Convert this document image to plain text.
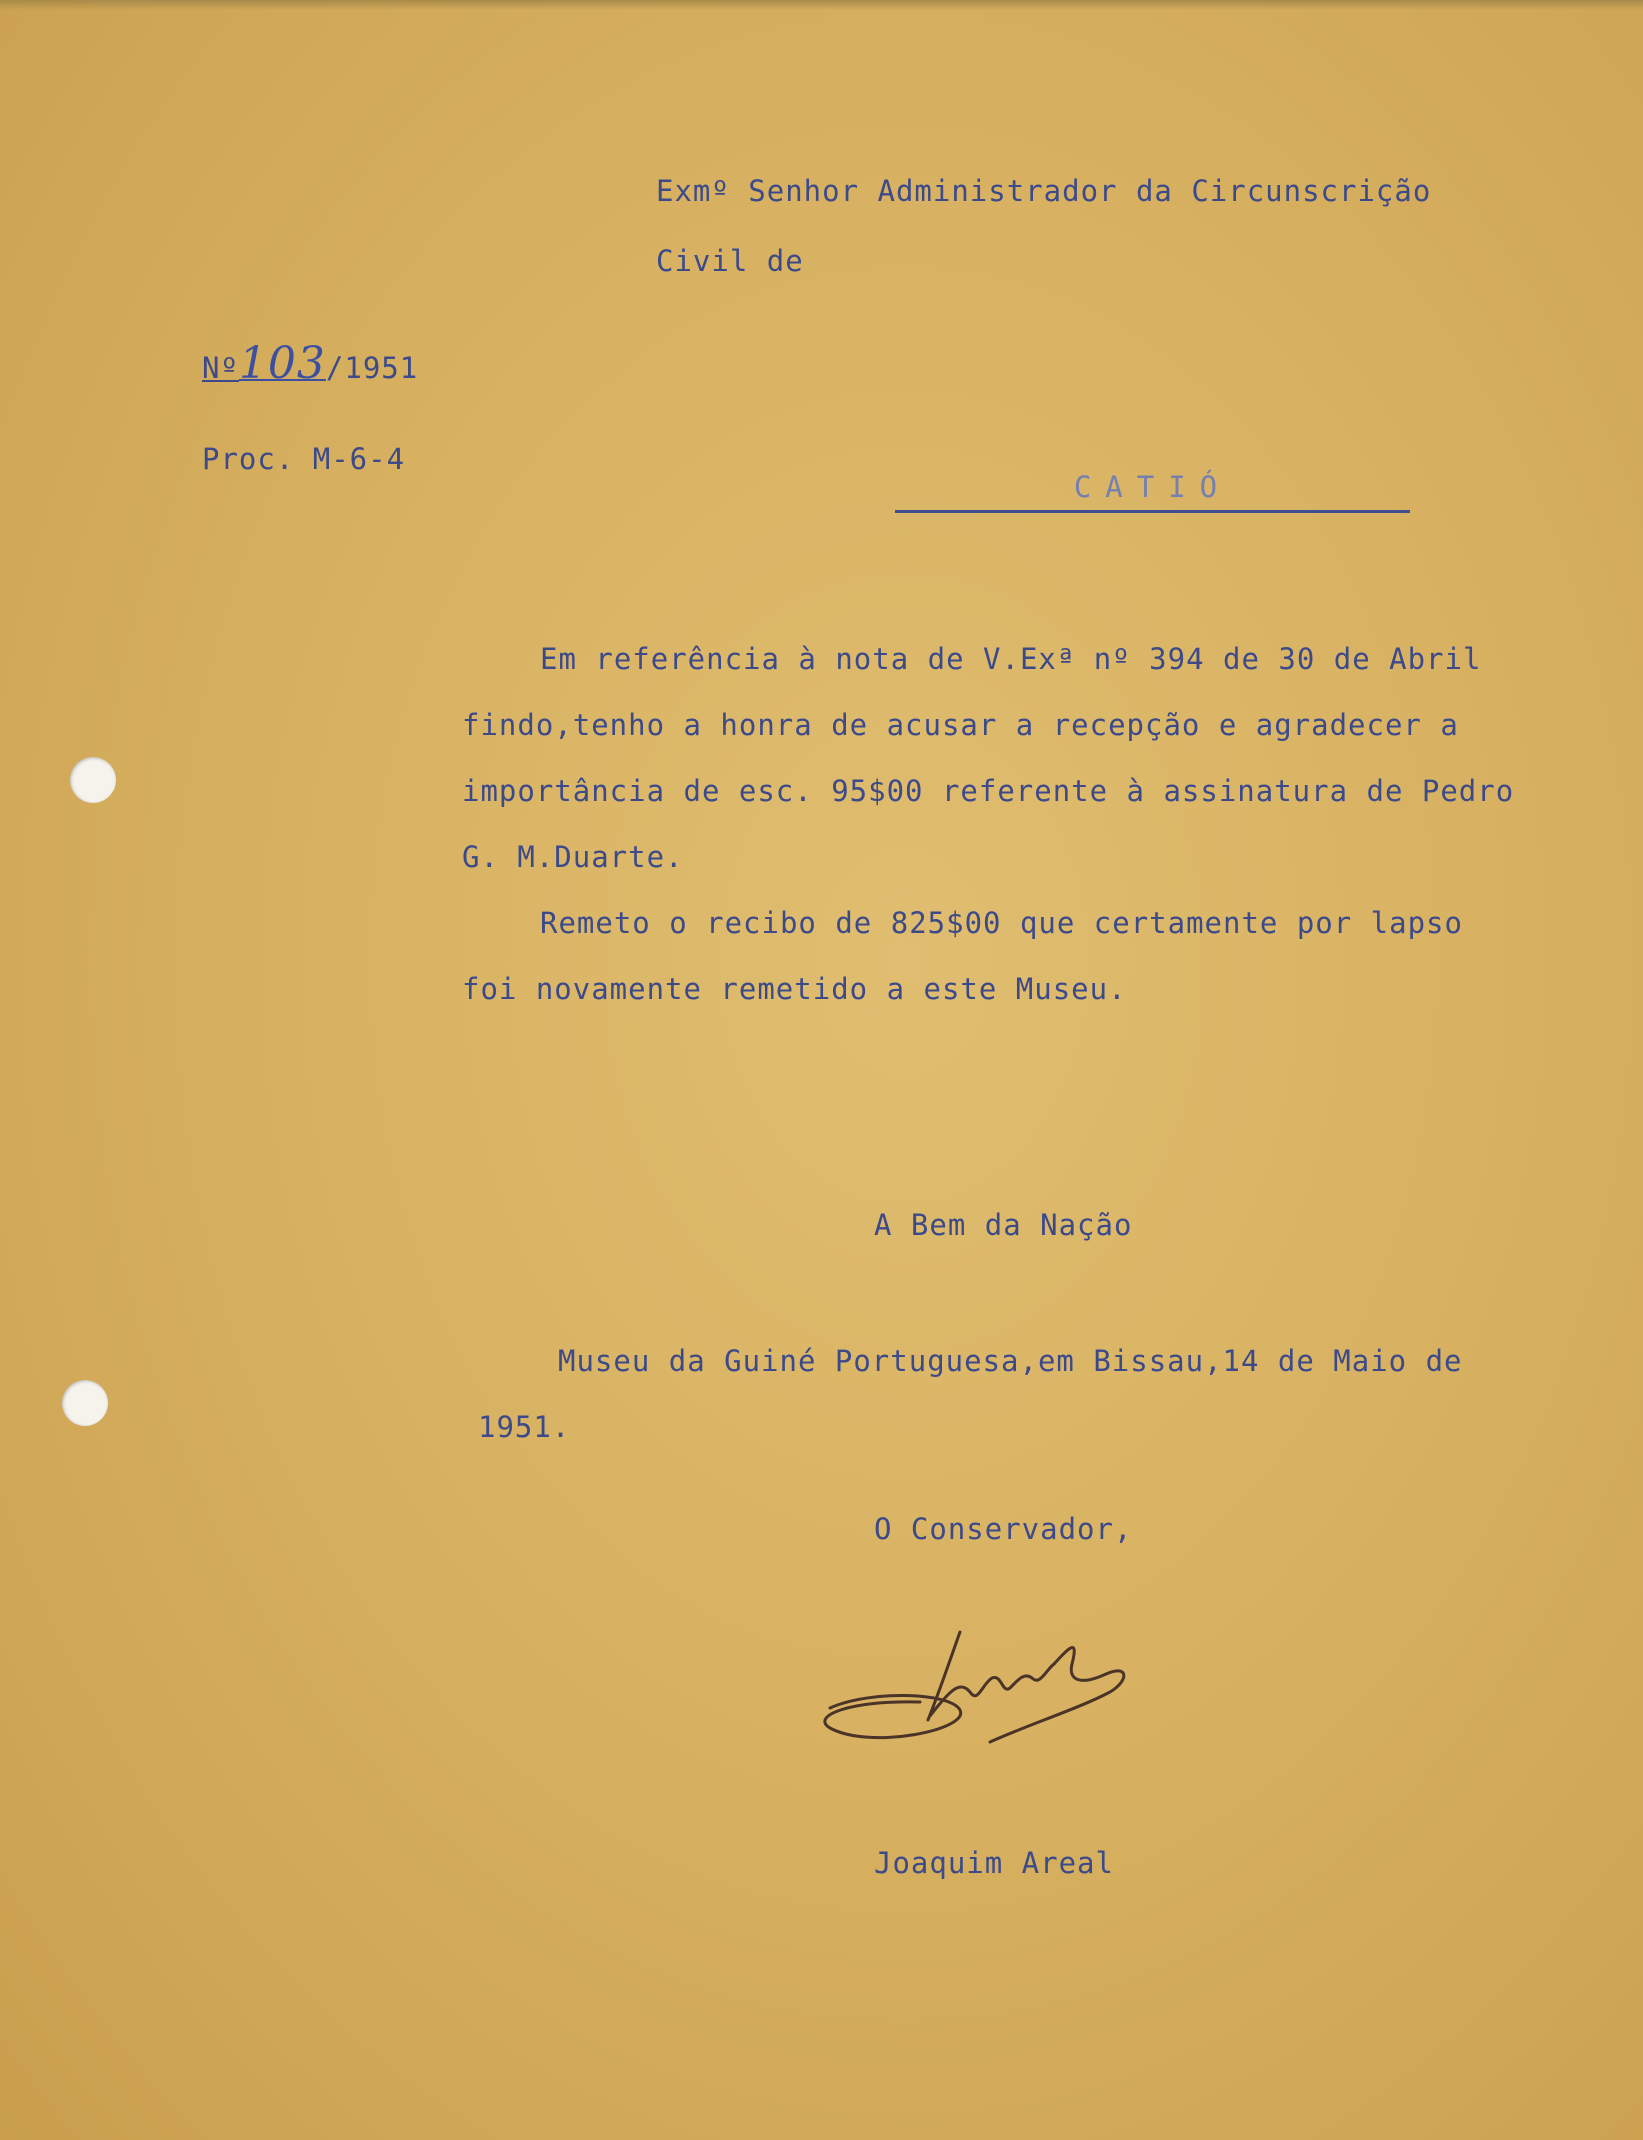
Exmº Senhor Administrador da Circunscrição
Civil de
Nº103/1951
Proc. M-6-4
CATIÓ
Em referência à nota de V.Exª nº 394 de 30 de Abril
findo,tenho a honra de acusar a recepção e agradecer a
importância de esc. 95$00 referente à assinatura de Pedro
G. M.Duarte.
Remeto o recibo de 825$00 que certamente por lapso
foi novamente remetido a este Museu.
A Bem da Nação
Museu da Guiné Portuguesa,em Bissau,14 de Maio de
1951.
O Conservador,
Joaquim Areal
